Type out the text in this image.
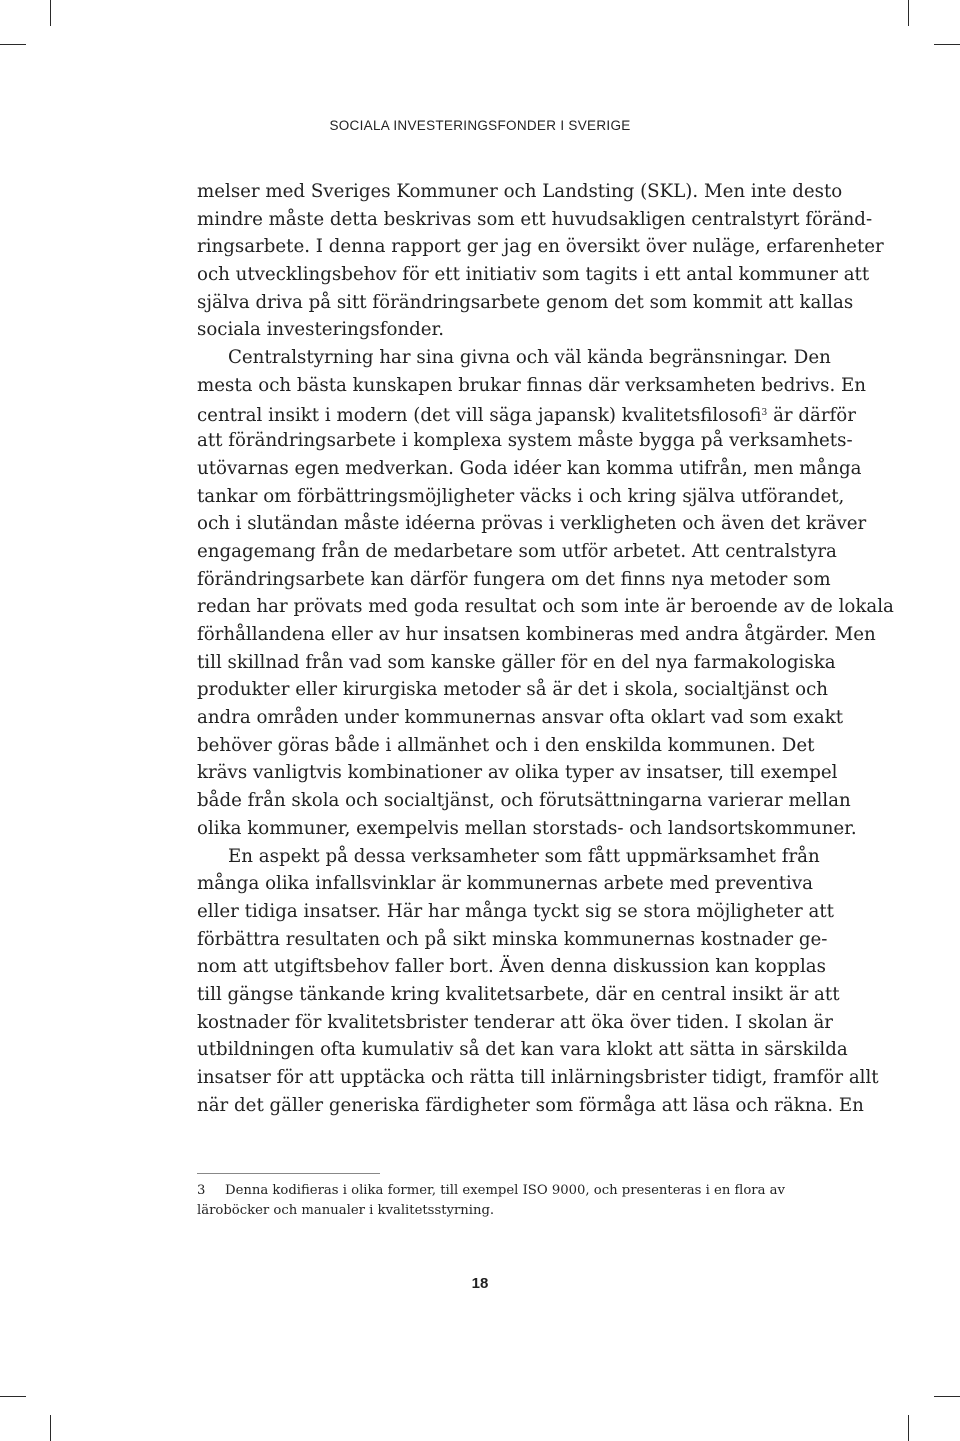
SOCIALA INVESTERINGSFONDER I SVERIGE
melser med Sveriges Kommuner och Landsting (SKL). Men inte desto
mindre måste detta beskrivas som ett huvudsakligen centralstyrt föränd-
ringsarbete. I denna rapport ger jag en översikt över nuläge, erfarenheter
och utvecklingsbehov för ett initiativ som tagits i ett antal kommuner att
själva driva på sitt förändringsarbete genom det som kommit att kallas
sociala investeringsfonder.
Centralstyrning har sina givna och väl kända begränsningar. Den
mesta och bästa kunskapen brukar finnas där verksamheten bedrivs. En
central insikt i modern (det vill säga japansk) kvalitetsfilosofi$^3$ är därför
att förändringsarbete i komplexa system måste bygga på verksamhets-
utövarnas egen medverkan. Goda idéer kan komma utifrån, men många
tankar om förbättringsmöjligheter väcks i och kring själva utförandet,
och i slutändan måste idéerna prövas i verkligheten och även det kräver
engagemang från de medarbetare som utför arbetet. Att centralstyra
förändringsarbete kan därför fungera om det finns nya metoder som
redan har prövats med goda resultat och som inte är beroende av de lokala
förhållandena eller av hur insatsen kombineras med andra åtgärder. Men
till skillnad från vad som kanske gäller för en del nya farmakologiska
produkter eller kirurgiska metoder så är det i skola, socialtjänst och
andra områden under kommunernas ansvar ofta oklart vad som exakt
behöver göras både i allmänhet och i den enskilda kommunen. Det
krävs vanligtvis kombinationer av olika typer av insatser, till exempel
både från skola och socialtjänst, och förutsättningarna varierar mellan
olika kommuner, exempelvis mellan storstads- och landsortskommuner.
En aspekt på dessa verksamheter som fått uppmärksamhet från
många olika infallsvinklar är kommunernas arbete med preventiva
eller tidiga insatser. Här har många tyckt sig se stora möjligheter att
förbättra resultaten och på sikt minska kommunernas kostnader ge-
nom att utgiftsbehov faller bort. Även denna diskussion kan kopplas
till gängse tänkande kring kvalitetsarbete, där en central insikt är att
kostnader för kvalitetsbrister tenderar att öka över tiden. I skolan är
utbildningen ofta kumulativ så det kan vara klokt att sätta in särskilda
insatser för att upptäcka och rätta till inlärningsbrister tidigt, framför allt
när det gäller generiska färdigheter som förmåga att läsa och räkna. En
3 Denna kodifieras i olika former, till exempel ISO 9000, och presenteras i en flora av
läroböcker och manualer i kvalitetsstyrning.
18
